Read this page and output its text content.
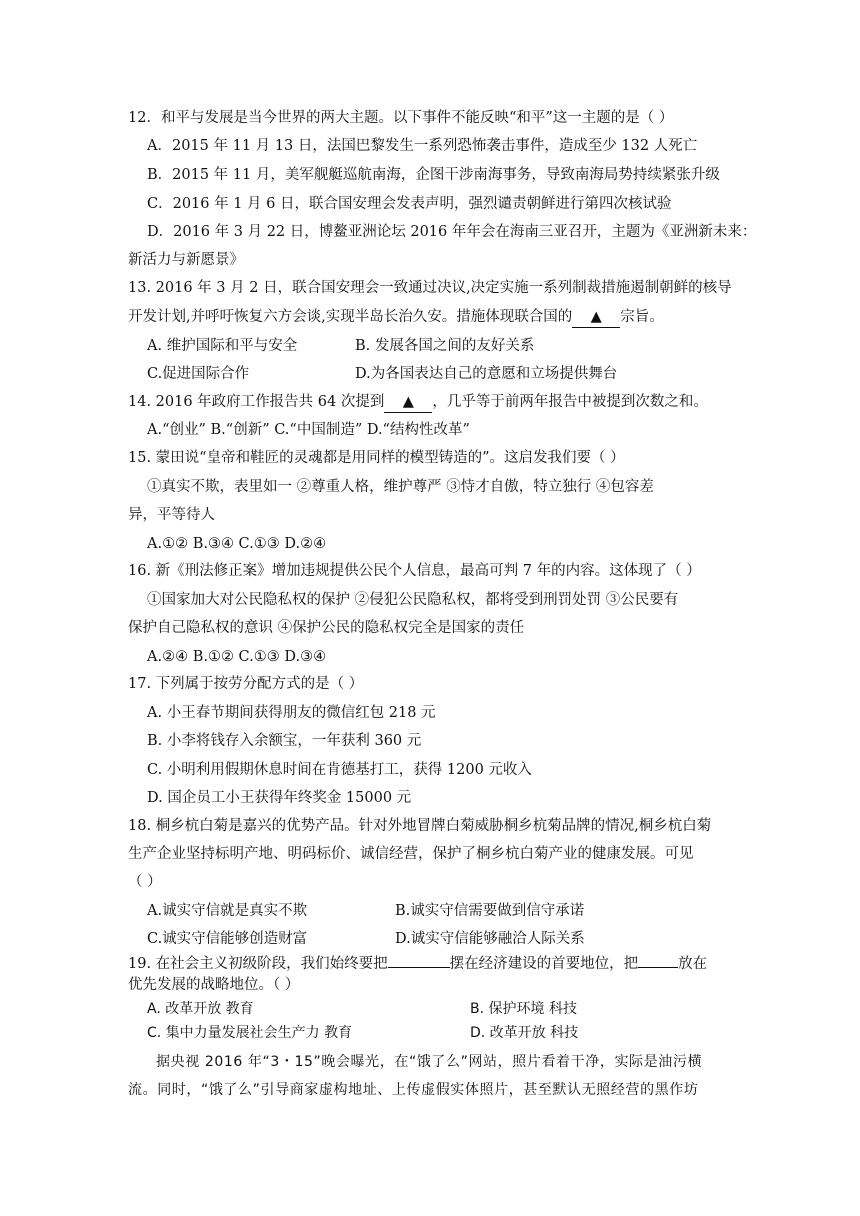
12．和平与发展是当今世界的两大主题。以下事件不能反映“和平”这一主题的是（ ）
A．2015 年 11 月 13 日，法国巴黎发生一系列恐怖袭击事件，造成至少 132 人死亡
B．2015 年 11 月，美军舰艇巡航南海，企图干涉南海事务，导致南海局势持续紧张升级
C．2016 年 1 月 6 日，联合国安理会发表声明，强烈谴责朝鲜进行第四次核试验
D．2016 年 3 月 22 日，博鳌亚洲论坛 2016 年年会在海南三亚召开，主题为《亚洲新未来：
新活力与新愿景》
13. 2016 年 3 月 2 日，联合国安理会一致通过决议,决定实施一系列制裁措施遏制朝鲜的核导
开发计划,并呼吁恢复六方会谈,实现半岛长治久安。措施体现联合国的 ▲ 宗旨。
A. 维护国际和平与安全	B. 发展各国之间的友好关系
C.促进国际合作	D.为各国表达自己的意愿和立场提供舞台
14. 2016 年政府工作报告共 64 次提到 ▲ ，几乎等于前两年报告中被提到次数之和。
A.“创业” B.“创新” C.“中国制造” D.“结构性改革”
15. 蒙田说“皇帝和鞋匠的灵魂都是用同样的模型铸造的”。这启发我们要（ ）
①真实不欺，表里如一 ②尊重人格，维护尊严 ③恃才自傲，特立独行 ④包容差
异，平等待人
A.①② B.③④ C.①③ D.②④
16. 新《刑法修正案》增加违规提供公民个人信息，最高可判 7 年的内容。这体现了（ ）
①国家加大对公民隐私权的保护 ②侵犯公民隐私权，都将受到刑罚处罚 ③公民要有
保护自己隐私权的意识 ④保护公民的隐私权完全是国家的责任
A.②④ B.①② C.①③ D.③④
17. 下列属于按劳分配方式的是（ ）
A. 小王春节期间获得朋友的微信红包 218 元
B. 小李将钱存入余额宝，一年获利 360 元
C. 小明利用假期休息时间在肯德基打工，获得 1200 元收入
D. 国企员工小王获得年终奖金 15000 元
18. 桐乡杭白菊是嘉兴的优势产品。针对外地冒牌白菊威胁桐乡杭菊品牌的情况,桐乡杭白菊
生产企业坚持标明产地、明码标价、诚信经营，保护了桐乡杭白菊产业的健康发展。可见
（ ）
A.诚实守信就是真实不欺	B.诚实守信需要做到信守承诺
C.诚实守信能够创造财富	D.诚实守信能够融洽人际关系
19. 在社会主义初级阶段，我们始终要把	摆在经济建设的首要地位，把	放在
优先发展的战略地位。（ ）
A. 改革开放 教育	B. 保护环境 科技
C. 集中力量发展社会生产力 教育	D. 改革开放 科技
据央视 2016 年“3・15”晚会曝光，在“饿了么”网站，照片看着干净，实际是油污横
流。同时，“饿了么”引导商家虚构地址、上传虚假实体照片，甚至默认无照经营的黑作坊
